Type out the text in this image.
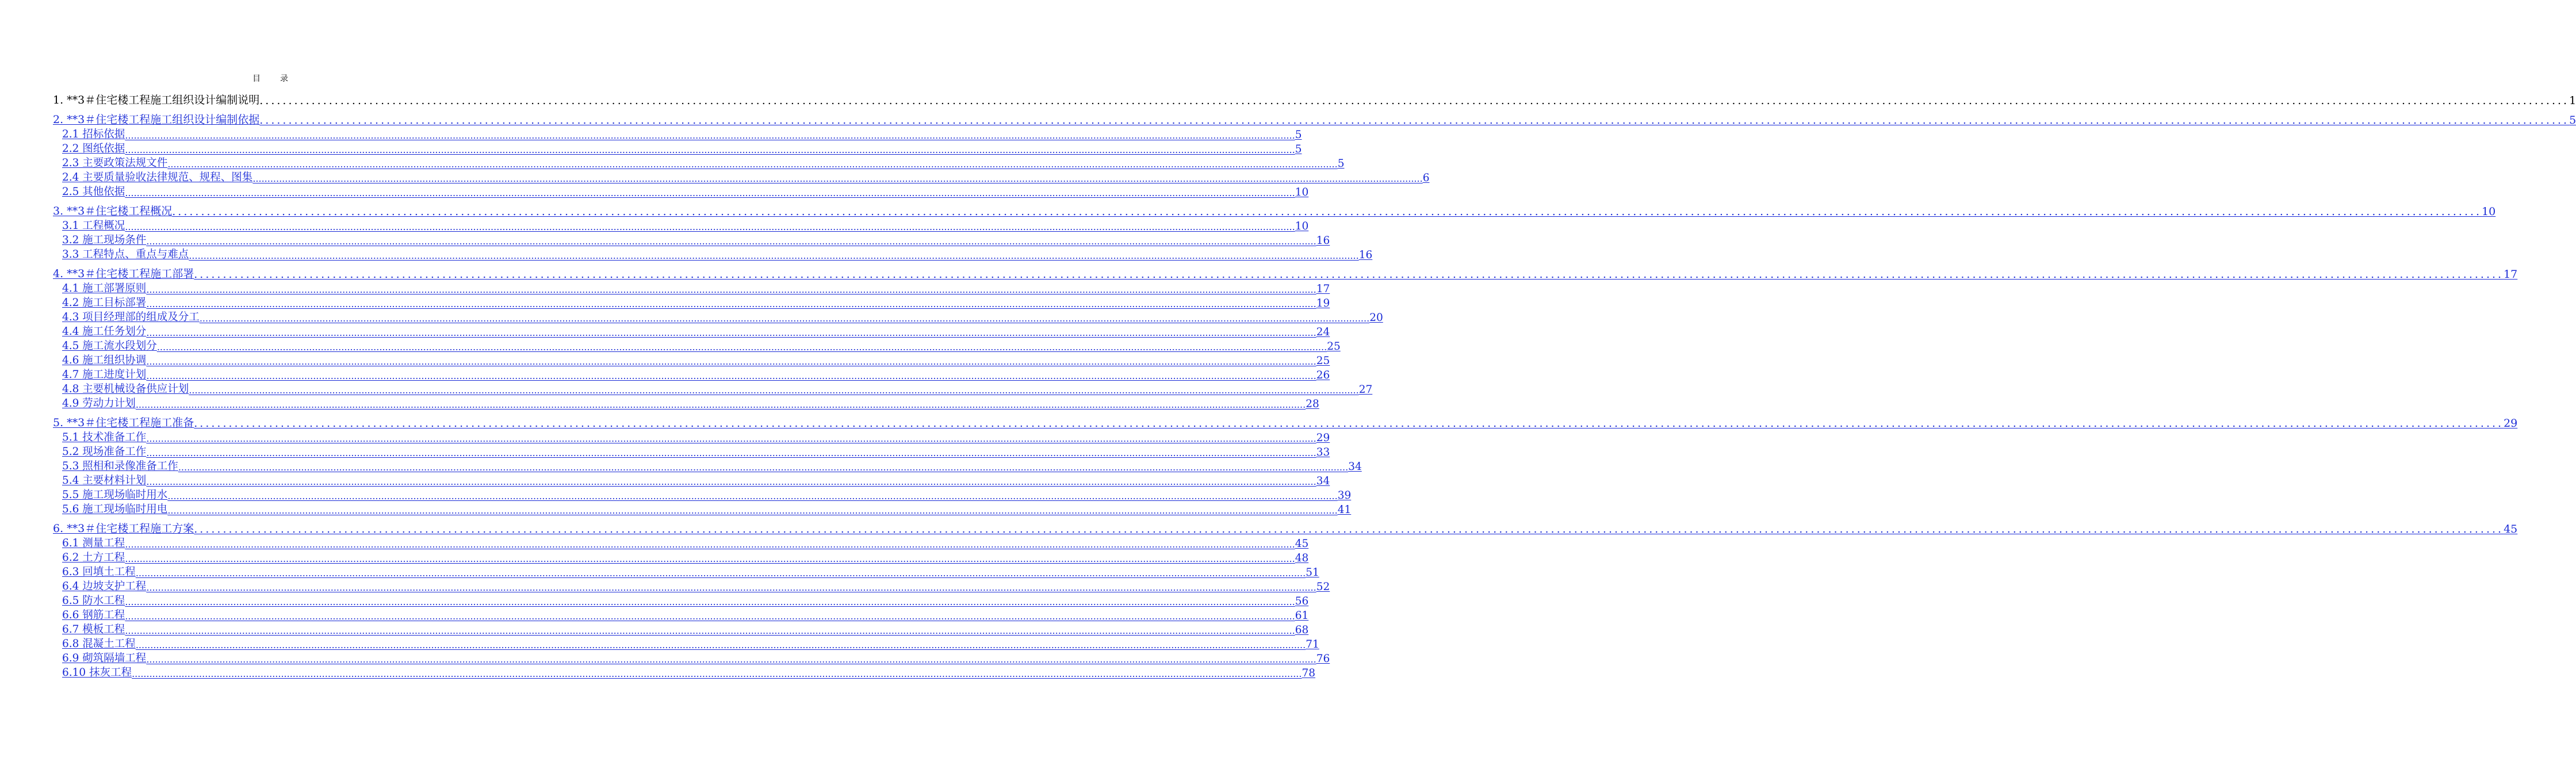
目　录
1. **3＃住宅楼工程施工组织设计编制说明 ................................................................................................................................................................................................................................................................................................................................................................................................................ 1
2. **3＃住宅楼工程施工组织设计编制依据 ................................................................................................................................................................................................................................................................................................................................................................................................................ 5
2.1 招标依据 ................................................................................................................................................................................................................................................................................................................................................................................................................ 5
2.2 图纸依据 ................................................................................................................................................................................................................................................................................................................................................................................................................ 5
2.3 主要政策法规文件 ................................................................................................................................................................................................................................................................................................................................................................................................................ 5
2.4 主要质量验收法律规范、规程、图集 ................................................................................................................................................................................................................................................................................................................................................................................................................ 6
2.5 其他依据 ................................................................................................................................................................................................................................................................................................................................................................................................................ 10
3. **3＃住宅楼工程概况 ................................................................................................................................................................................................................................................................................................................................................................................................................ 10
3.1 工程概况 ................................................................................................................................................................................................................................................................................................................................................................................................................ 10
3.2 施工现场条件 ................................................................................................................................................................................................................................................................................................................................................................................................................ 16
3.3 工程特点、重点与难点 ................................................................................................................................................................................................................................................................................................................................................................................................................ 16
4. **3＃住宅楼工程施工部署 ................................................................................................................................................................................................................................................................................................................................................................................................................ 17
4.1 施工部署原则 ................................................................................................................................................................................................................................................................................................................................................................................................................ 17
4.2 施工目标部署 ................................................................................................................................................................................................................................................................................................................................................................................................................ 19
4.3 项目经理部的组成及分工 ................................................................................................................................................................................................................................................................................................................................................................................................................ 20
4.4 施工任务划分 ................................................................................................................................................................................................................................................................................................................................................................................................................ 24
4.5 施工流水段划分 ................................................................................................................................................................................................................................................................................................................................................................................................................ 25
4.6 施工组织协调 ................................................................................................................................................................................................................................................................................................................................................................................................................ 25
4.7 施工进度计划 ................................................................................................................................................................................................................................................................................................................................................................................................................ 26
4.8 主要机械设备供应计划 ................................................................................................................................................................................................................................................................................................................................................................................................................ 27
4.9 劳动力计划 ................................................................................................................................................................................................................................................................................................................................................................................................................ 28
5. **3＃住宅楼工程施工准备 ................................................................................................................................................................................................................................................................................................................................................................................................................ 29
5.1 技术准备工作 ................................................................................................................................................................................................................................................................................................................................................................................................................ 29
5.2 现场准备工作 ................................................................................................................................................................................................................................................................................................................................................................................................................ 33
5.3 照相和录像准备工作 ................................................................................................................................................................................................................................................................................................................................................................................................................ 34
5.4 主要材料计划 ................................................................................................................................................................................................................................................................................................................................................................................................................ 34
5.5 施工现场临时用水 ................................................................................................................................................................................................................................................................................................................................................................................................................ 39
5.6 施工现场临时用电 ................................................................................................................................................................................................................................................................................................................................................................................................................ 41
6. **3＃住宅楼工程施工方案 ................................................................................................................................................................................................................................................................................................................................................................................................................ 45
6.1 测量工程 ................................................................................................................................................................................................................................................................................................................................................................................................................ 45
6.2 土方工程 ................................................................................................................................................................................................................................................................................................................................................................................................................ 48
6.3 回填土工程 ................................................................................................................................................................................................................................................................................................................................................................................................................ 51
6.4 边坡支护工程 ................................................................................................................................................................................................................................................................................................................................................................................................................ 52
6.5 防水工程 ................................................................................................................................................................................................................................................................................................................................................................................................................ 56
6.6 钢筋工程 ................................................................................................................................................................................................................................................................................................................................................................................................................ 61
6.7 模板工程 ................................................................................................................................................................................................................................................................................................................................................................................................................ 68
6.8 混凝土工程 ................................................................................................................................................................................................................................................................................................................................................................................................................ 71
6.9 砌筑隔墙工程 ................................................................................................................................................................................................................................................................................................................................................................................................................ 76
6.10 抹灰工程 ................................................................................................................................................................................................................................................................................................................................................................................................................ 78
